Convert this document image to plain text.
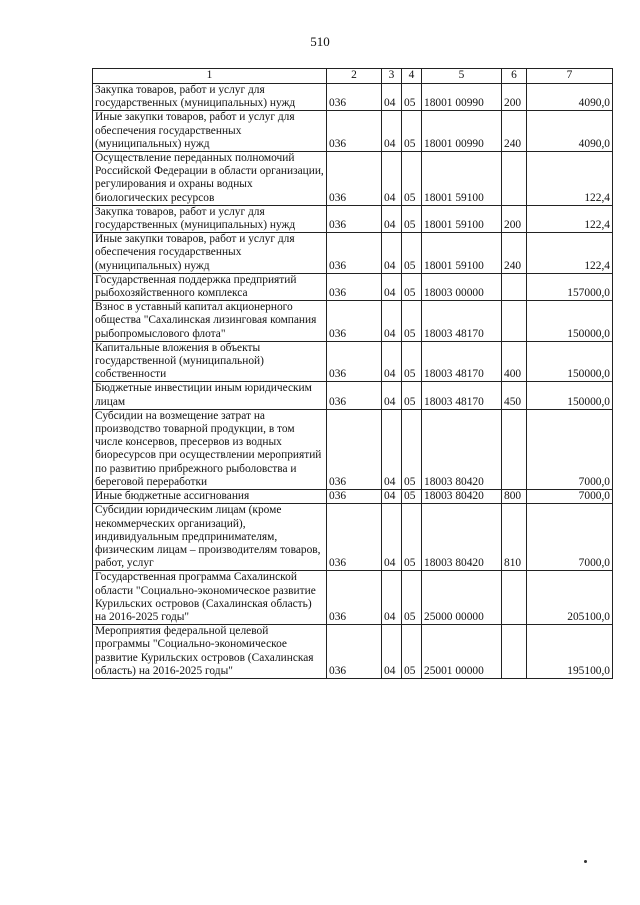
510
1	2	3	4	5	6	7
Закупка товаров, работ и услуг для государственных (муниципальных) нужд	036	04	05	18001 00990	200	4090,0
Иные закупки товаров, работ и услуг для обеспечения государственных (муниципальных) нужд	036	04	05	18001 00990	240	4090,0
Осуществление переданных полномочий Российской Федерации в области организации, регулирования и охраны водных биологических ресурсов	036	04	05	18001 59100		122,4
Закупка товаров, работ и услуг для государственных (муниципальных) нужд	036	04	05	18001 59100	200	122,4
Иные закупки товаров, работ и услуг для обеспечения государственных (муниципальных) нужд	036	04	05	18001 59100	240	122,4
Государственная поддержка предприятий рыбохозяйственного комплекса	036	04	05	18003 00000		157000,0
Взнос в уставный капитал акционерного общества "Сахалинская лизинговая компания рыбопромыслового флота"	036	04	05	18003 48170		150000,0
Капитальные вложения в объекты государственной (муниципальной) собственности	036	04	05	18003 48170	400	150000,0
Бюджетные инвестиции иным юридическим лицам	036	04	05	18003 48170	450	150000,0
Субсидии на возмещение затрат на производство товарной продукции, в том числе консервов, пресервов из водных биоресурсов при осуществлении мероприятий по развитию прибрежного рыболовства и береговой переработки	036	04	05	18003 80420		7000,0
Иные бюджетные ассигнования	036	04	05	18003 80420	800	7000,0
Субсидии юридическим лицам (кроме некоммерческих организаций), индивидуальным предпринимателям, физическим лицам – производителям товаров, работ, услуг	036	04	05	18003 80420	810	7000,0
Государственная программа Сахалинской области "Социально-экономическое развитие Курильских островов (Сахалинская область) на 2016-2025 годы"	036	04	05	25000 00000		205100,0
Мероприятия федеральной целевой программы "Социально-экономическое развитие Курильских островов (Сахалинская область) на 2016-2025 годы"	036	04	05	25001 00000		195100,0
